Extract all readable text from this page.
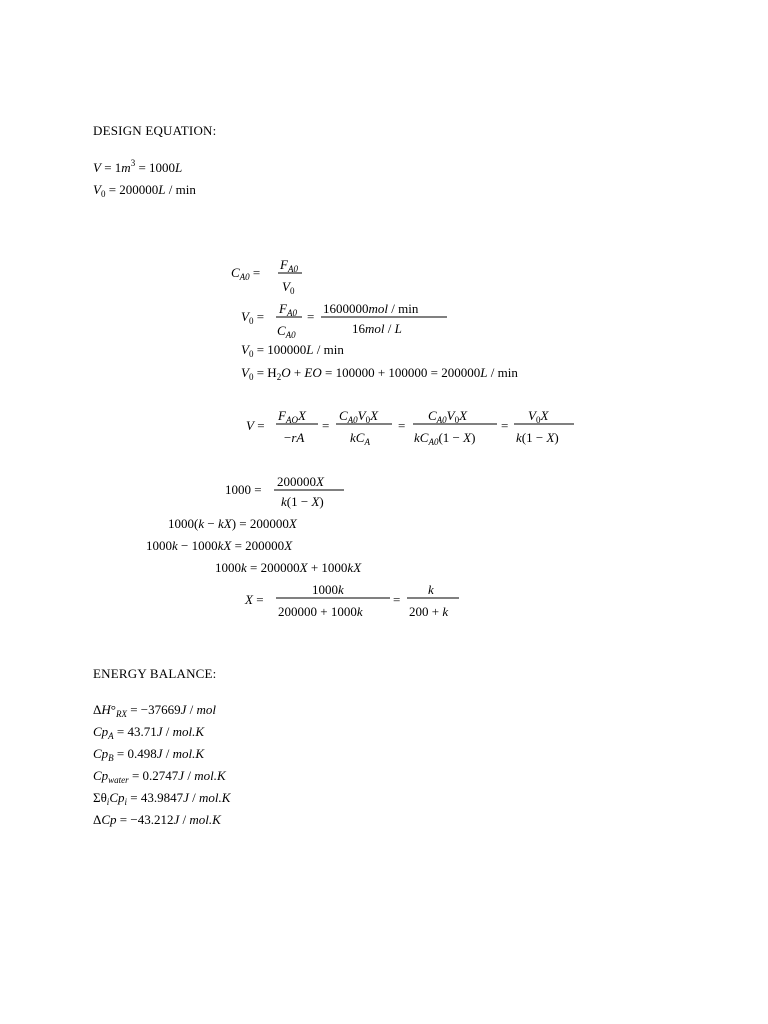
DESIGN EQUATION:
$V = 1m^3 = 1000L$
$V_0 = 200000L / \min$
$C_{A0}$ =
$F_{A0}$
$V_0$
$V_0$ =
$F_{A0}$
$C_{A0}$
=
1600000mol / min
16mol / L
$V_0 = 100000L / \min$
$V_0 = H_2O$ + EO = 100000 + 100000 = 200000L / min
V =
$F_{AO}X$
−rA
=
$C_{A0}V_0X$
$kC_A$
=
$C_{A0}V_0X$
$kC_{A0}(1 - X)$
=
$V_0X$
k(1 − X)
1000 =
200000X
k(1 − X)
1000(k − kX) = 200000X
1000k − 1000kX = 200000X
1000k = 200000X + 1000kX
X =
1000k
200000 + 1000k
=
k
200 + k
$\Delta H^\circ_{RX} = -37669J$ / mol
$Cp_A = 43.71J / mol.K$
$Cp_B = 0.498J / mol.K$
$Cp_{water} = 0.2747J / mol.K$
$\Sigma\theta_iCp_i = 43.9847J / mol.K$
ΔCp = −43.212J / mol.K
ENERGY BALANCE:
